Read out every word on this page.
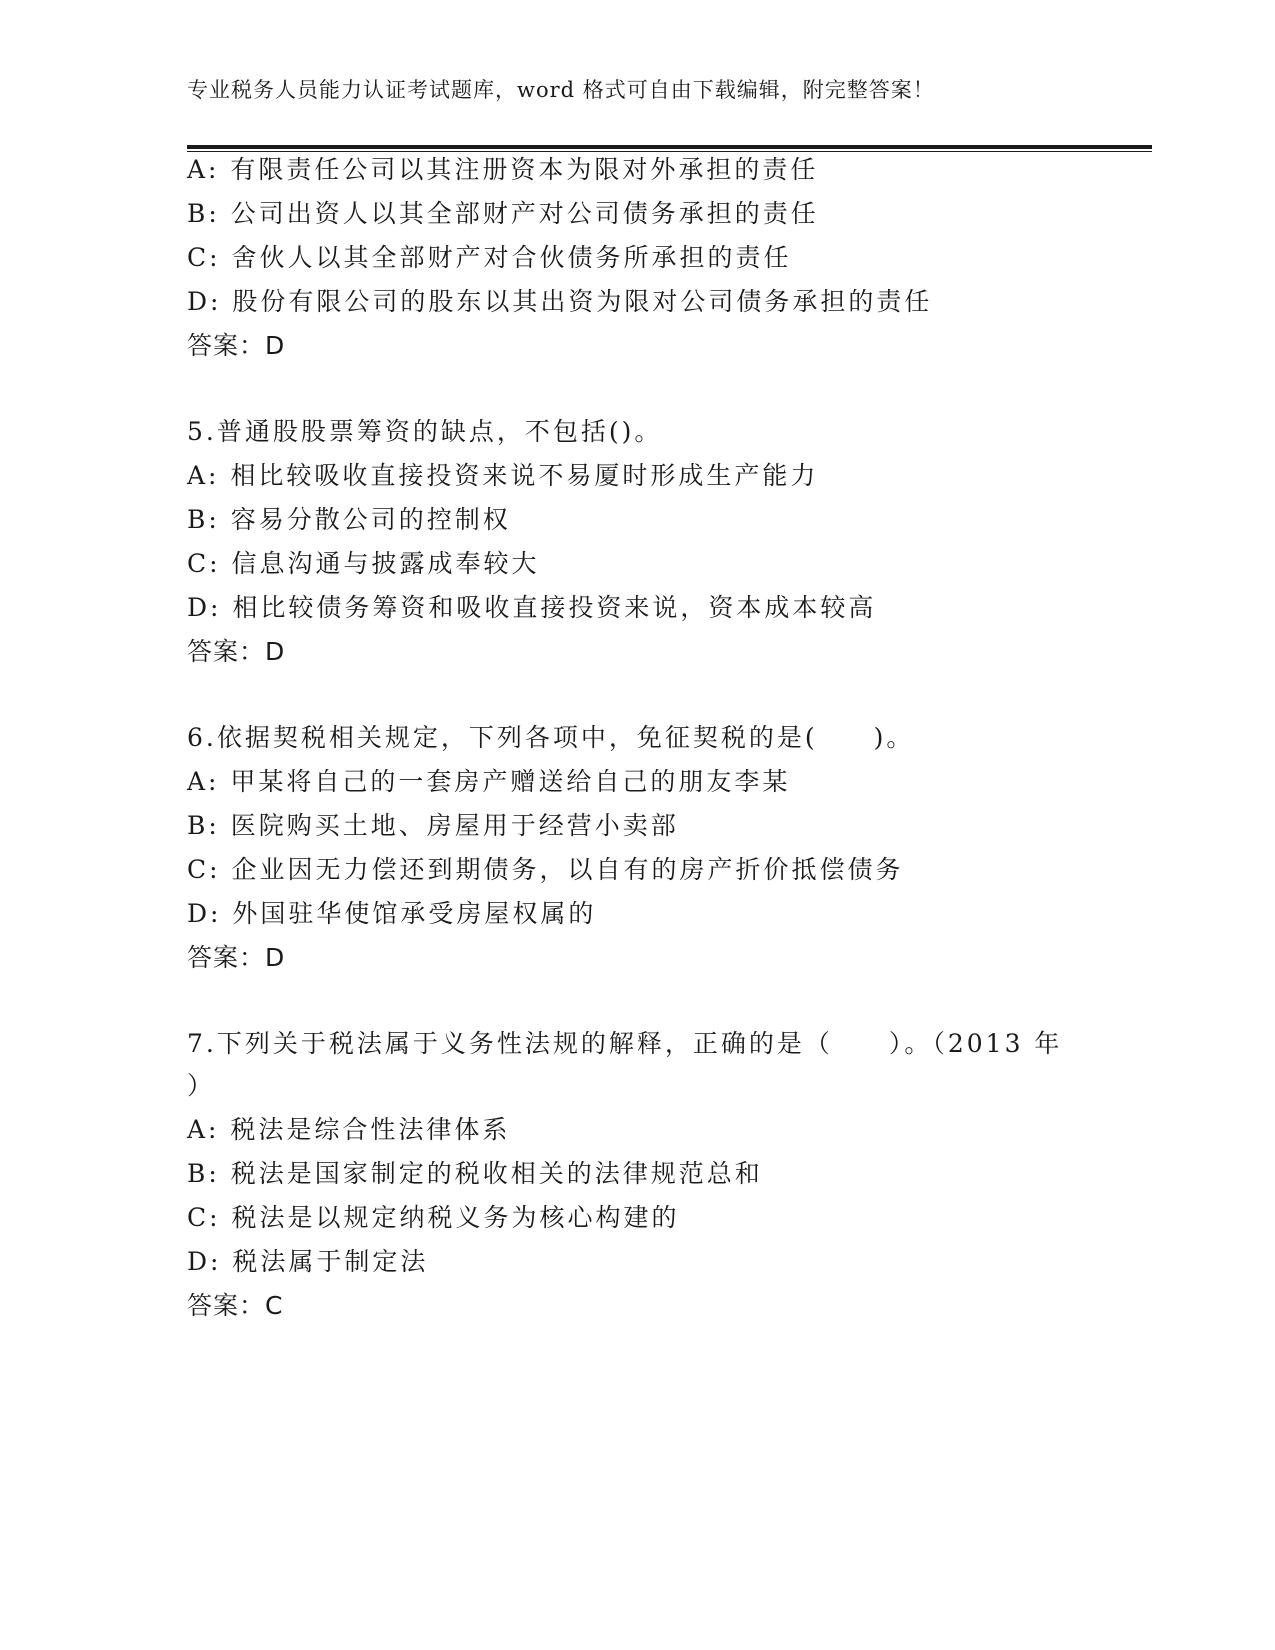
专业税务人员能力认证考试题库，word 格式可自由下载编辑，附完整答案！
A: 有限责任公司以其注册资本为限对外承担的责任
B: 公司出资人以其全部财产对公司债务承担的责任
C: 舍伙人以其全部财产对合伙债务所承担的责任
D: 股份有限公司的股东以其出资为限对公司债务承担的责任
答案：D
5.普通股股票筹资的缺点，不包括()。
A: 相比较吸收直接投资来说不易厦时形成生产能力
B: 容易分散公司的控制权
C: 信息沟通与披露成奉较大
D: 相比较债务筹资和吸收直接投资来说，资本成本较高
答案：D
6.依据契税相关规定，下列各项中，免征契税的是(　　)。
A: 甲某将自己的一套房产赠送给自己的朋友李某
B: 医院购买土地、房屋用于经营小卖部
C: 企业因无力偿还到期债务，以自有的房产折价抵偿债务
D: 外国驻华使馆承受房屋权属的
答案：D
7.下列关于税法属于义务性法规的解释，正确的是（　　）。（2013 年
）
A: 税法是综合性法律体系
B: 税法是国家制定的税收相关的法律规范总和
C: 税法是以规定纳税义务为核心构建的
D: 税法属于制定法
答案：C
